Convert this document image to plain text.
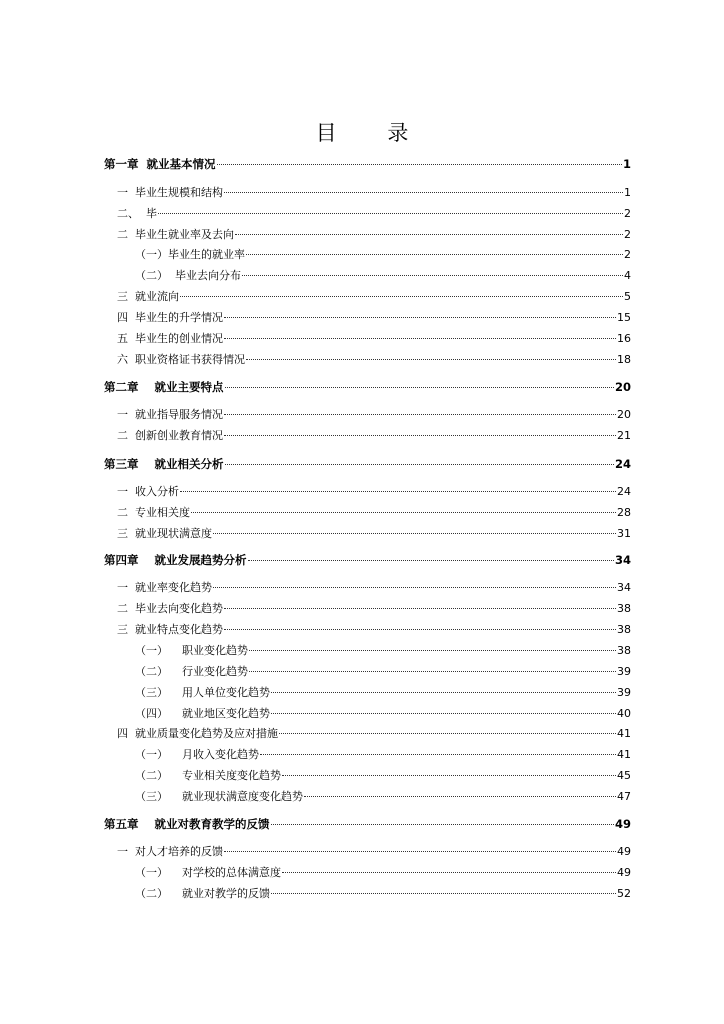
目 录
第一章  就业基本情况	1
一  毕业生规模和结构	1
二、  毕	2
二  毕业生就业率及去向	2
（一）毕业生的就业率	2
（二）  毕业去向分布	4
三  就业流向	5
四  毕业生的升学情况	15
五  毕业生的创业情况	16
六  职业资格证书获得情况	18
第二章    就业主要特点	20
一  就业指导服务情况	20
二  创新创业教育情况	21
第三章    就业相关分析	24
一  收入分析	24
二  专业相关度	28
三  就业现状满意度	31
第四章    就业发展趋势分析	34
一  就业率变化趋势	34
二  毕业去向变化趋势	38
三  就业特点变化趋势	38
（一）    职业变化趋势	38
（二）    行业变化趋势	39
（三）    用人单位变化趋势	39
（四）    就业地区变化趋势	40
四  就业质量变化趋势及应对措施	41
（一）    月收入变化趋势	41
（二）    专业相关度变化趋势	45
（三）    就业现状满意度变化趋势	47
第五章    就业对教育教学的反馈	49
一  对人才培养的反馈	49
（一）    对学校的总体满意度	49
（二）    就业对教学的反馈	52
